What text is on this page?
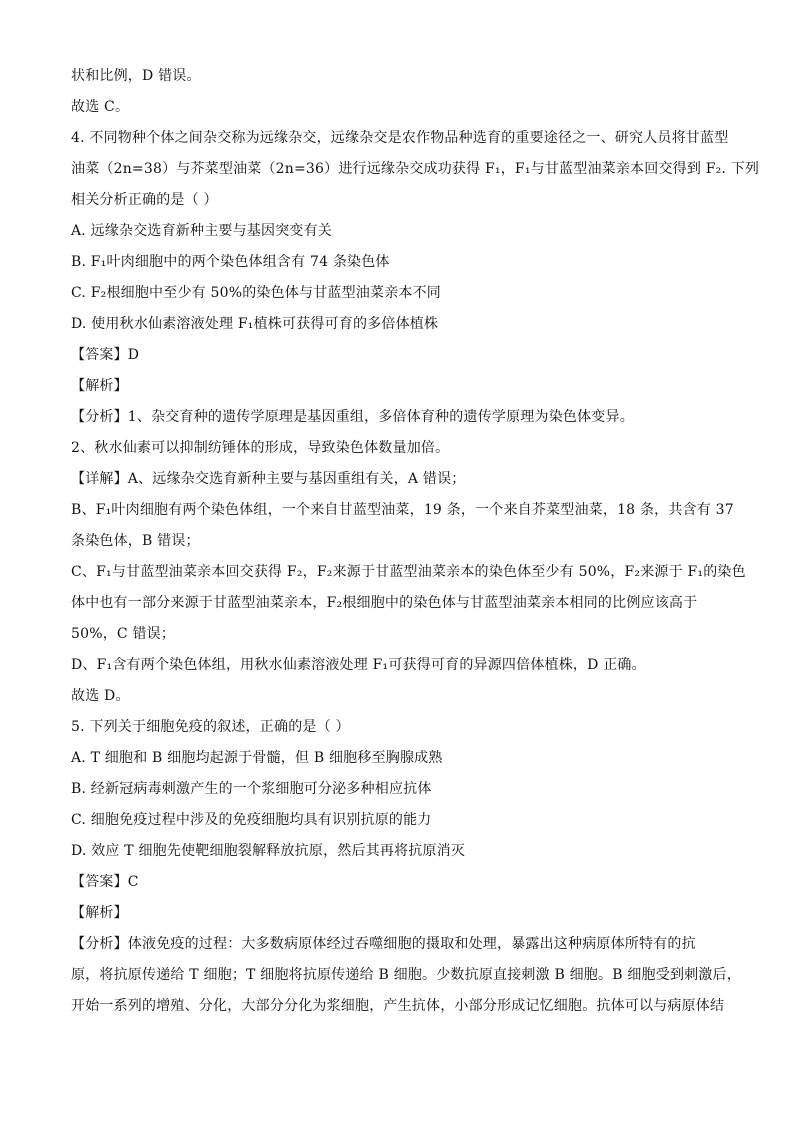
状和比例，D 错误。
故选 C。
4. 不同物种个体之间杂交称为远缘杂交，远缘杂交是农作物品种选育的重要途径之一、研究人员将甘蓝型
油菜（2n=38）与芥菜型油菜（2n=36）进行远缘杂交成功获得 F₁，F₁与甘蓝型油菜亲本回交得到 F₂. 下列
相关分析正确的是（ ）
A. 远缘杂交选育新种主要与基因突变有关
B. F₁叶肉细胞中的两个染色体组含有 74 条染色体
C. F₂根细胞中至少有 50%的染色体与甘蓝型油菜亲本不同
D. 使用秋水仙素溶液处理 F₁植株可获得可育的多倍体植株
【答案】D
【解析】
【分析】1、杂交育种的遗传学原理是基因重组，多倍体育种的遗传学原理为染色体变异。
2、秋水仙素可以抑制纺锤体的形成，导致染色体数量加倍。
【详解】A、远缘杂交选育新种主要与基因重组有关，A 错误；
B、F₁叶肉细胞有两个染色体组，一个来自甘蓝型油菜，19 条，一个来自芥菜型油菜，18 条，共含有 37
条染色体，B 错误；
C、F₁与甘蓝型油菜亲本回交获得 F₂，F₂来源于甘蓝型油菜亲本的染色体至少有 50%，F₂来源于 F₁的染色
体中也有一部分来源于甘蓝型油菜亲本，F₂根细胞中的染色体与甘蓝型油菜亲本相同的比例应该高于
50%，C 错误；
D、F₁含有两个染色体组，用秋水仙素溶液处理 F₁可获得可育的异源四倍体植株，D 正确。
故选 D。
5. 下列关于细胞免疫的叙述，正确的是（ ）
A. T 细胞和 B 细胞均起源于骨髓，但 B 细胞移至胸腺成熟
B. 经新冠病毒刺激产生的一个浆细胞可分泌多种相应抗体
C. 细胞免疫过程中涉及的免疫细胞均具有识别抗原的能力
D. 效应 T 细胞先使靶细胞裂解释放抗原，然后其再将抗原消灭
【答案】C
【解析】
【分析】体液免疫的过程：大多数病原体经过吞噬细胞的摄取和处理，暴露出这种病原体所特有的抗
原，将抗原传递给 T 细胞；T 细胞将抗原传递给 B 细胞。少数抗原直接刺激 B 细胞。B 细胞受到刺激后，
开始一系列的增殖、分化，大部分分化为浆细胞，产生抗体，小部分形成记忆细胞。抗体可以与病原体结
